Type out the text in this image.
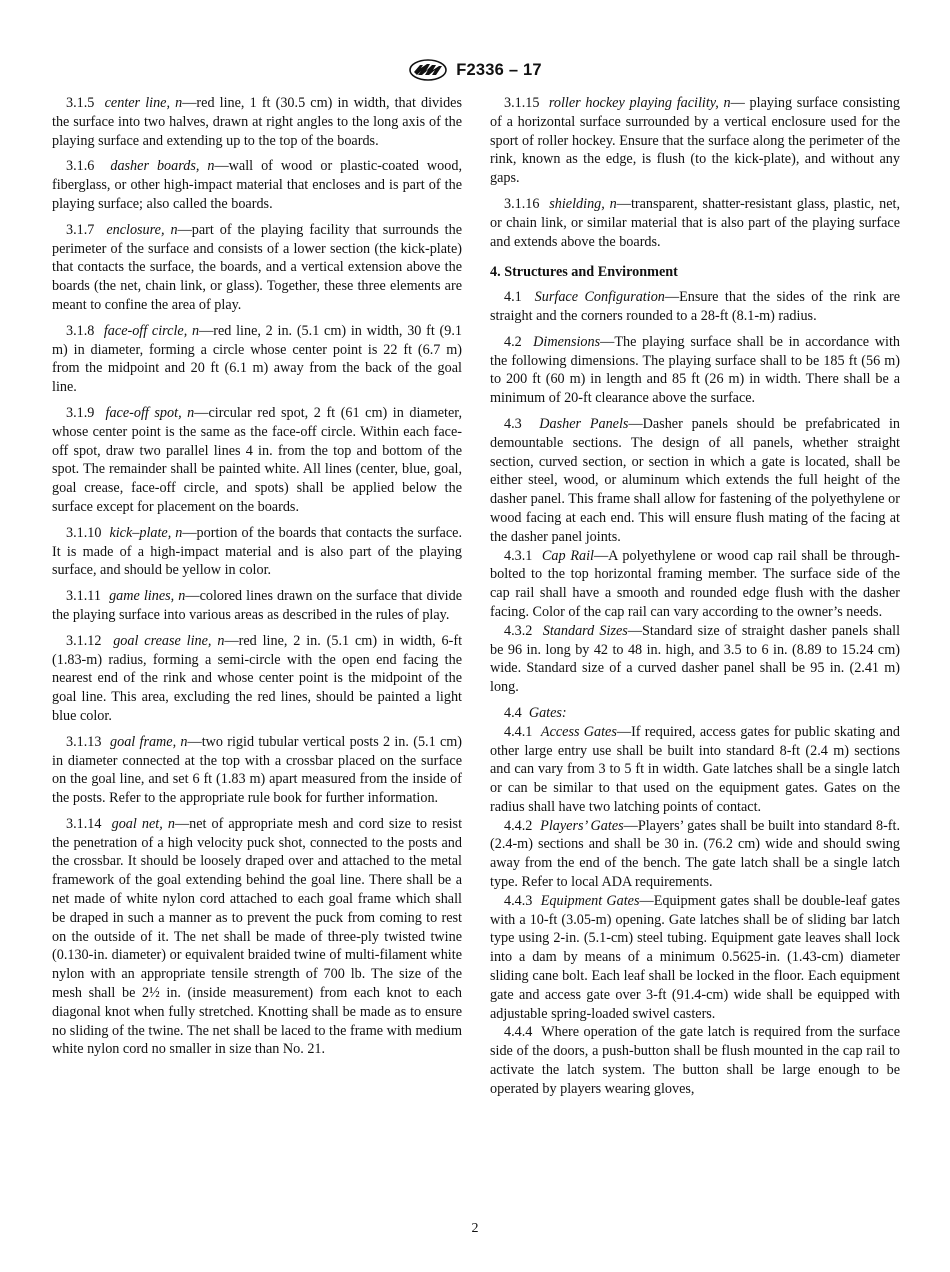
F2336 – 17

3.1.5 center line, n—red line, 1 ft (30.5 cm) in width, that divides the surface into two halves, drawn at right angles to the long axis of the playing surface and extending up to the top of the boards.

3.1.6 dasher boards, n—wall of wood or plastic-coated wood, fiberglass, or other high-impact material that encloses and is part of the playing surface; also called the boards.

3.1.7 enclosure, n—part of the playing facility that surrounds the perimeter of the surface and consists of a lower section (the kick-plate) that contacts the surface, the boards, and a vertical extension above the boards (the net, chain link, or glass). Together, these three elements are meant to confine the area of play.

3.1.8 face-off circle, n—red line, 2 in. (5.1 cm) in width, 30 ft (9.1 m) in diameter, forming a circle whose center point is 22 ft (6.7 m) from the midpoint and 20 ft (6.1 m) away from the back of the goal line.

3.1.9 face-off spot, n—circular red spot, 2 ft (61 cm) in diameter, whose center point is the same as the face-off circle. Within each face-off spot, draw two parallel lines 4 in. from the top and bottom of the spot. The remainder shall be painted white. All lines (center, blue, goal, goal crease, face-off circle, and spots) shall be applied below the surface except for placement on the boards.

3.1.10 kick–plate, n—portion of the boards that contacts the surface. It is made of a high-impact material and is also part of the playing surface, and should be yellow in color.

3.1.11 game lines, n—colored lines drawn on the surface that divide the playing surface into various areas as described in the rules of play.

3.1.12 goal crease line, n—red line, 2 in. (5.1 cm) in width, 6-ft (1.83-m) radius, forming a semi-circle with the open end facing the nearest end of the rink and whose center point is the midpoint of the goal line. This area, excluding the red lines, should be painted a light blue color.

3.1.13 goal frame, n—two rigid tubular vertical posts 2 in. (5.1 cm) in diameter connected at the top with a crossbar placed on the surface on the goal line, and set 6 ft (1.83 m) apart measured from the inside of the posts. Refer to the appropriate rule book for further information.

3.1.14 goal net, n—net of appropriate mesh and cord size to resist the penetration of a high velocity puck shot, connected to the posts and the crossbar. It should be loosely draped over and attached to the metal framework of the goal extending behind the goal line. There shall be a net made of white nylon cord attached to each goal frame which shall be draped in such a manner as to prevent the puck from coming to rest on the outside of it. The net shall be made of three-ply twisted twine (0.130-in. diameter) or equivalent braided twine of multi-filament white nylon with an appropriate tensile strength of 700 lb. The size of the mesh shall be 2½ in. (inside measurement) from each knot to each diagonal knot when fully stretched. Knotting shall be made as to ensure no sliding of the twine. The net shall be laced to the frame with medium white nylon cord no smaller in size than No. 21.

3.1.15 roller hockey playing facility, n— playing surface consisting of a horizontal surface surrounded by a vertical enclosure used for the sport of roller hockey. Ensure that the surface along the perimeter of the rink, known as the edge, is flush (to the kick-plate), and without any gaps.

3.1.16 shielding, n—transparent, shatter-resistant glass, plastic, net, or chain link, or similar material that is also part of the playing surface and extends above the boards.

4. Structures and Environment

4.1 Surface Configuration—Ensure that the sides of the rink are straight and the corners rounded to a 28-ft (8.1-m) radius.

4.2 Dimensions—The playing surface shall be in accordance with the following dimensions. The playing surface shall to be 185 ft (56 m) to 200 ft (60 m) in length and 85 ft (26 m) in width. There shall be a minimum of 20-ft clearance above the surface.

4.3 Dasher Panels—Dasher panels should be prefabricated in demountable sections. The design of all panels, whether straight section, curved section, or section in which a gate is located, shall be either steel, wood, or aluminum which extends the full height of the dasher panel. This frame shall allow for fastening of the polyethylene or wood facing at each end. This will ensure flush mating of the facing at the dasher panel joints.

4.3.1 Cap Rail—A polyethylene or wood cap rail shall be through-bolted to the top horizontal framing member. The surface side of the cap rail shall have a smooth and rounded edge flush with the dasher facing. Color of the cap rail can vary according to the owner’s needs.

4.3.2 Standard Sizes—Standard size of straight dasher panels shall be 96 in. long by 42 to 48 in. high, and 3.5 to 6 in. (8.89 to 15.24 cm) wide. Standard size of a curved dasher panel shall be 95 in. (2.41 m) long.

4.4 Gates:

4.4.1 Access Gates—If required, access gates for public skating and other large entry use shall be built into standard 8-ft (2.4 m) sections and can vary from 3 to 5 ft in width. Gate latches shall be a single latch or can be similar to that used on the equipment gates. Gates on the radius shall have two latching points of contact.

4.4.2 Players’ Gates—Players’ gates shall be built into standard 8-ft. (2.4-m) sections and shall be 30 in. (76.2 cm) wide and should swing away from the end of the bench. The gate latch shall be a single latch type. Refer to local ADA requirements.

4.4.3 Equipment Gates—Equipment gates shall be double-leaf gates with a 10-ft (3.05-m) opening. Gate latches shall be of sliding bar latch type using 2-in. (5.1-cm) steel tubing. Equipment gate leaves shall lock into a dam by means of a minimum 0.5625-in. (1.43-cm) diameter sliding cane bolt. Each leaf shall be locked in the floor. Each equipment gate and access gate over 3-ft (91.4-cm) wide shall be equipped with adjustable spring-loaded swivel casters.

4.4.4 Where operation of the gate latch is required from the surface side of the doors, a push-button shall be flush mounted in the cap rail to activate the latch system. The button shall be large enough to be operated by players wearing gloves,

2
